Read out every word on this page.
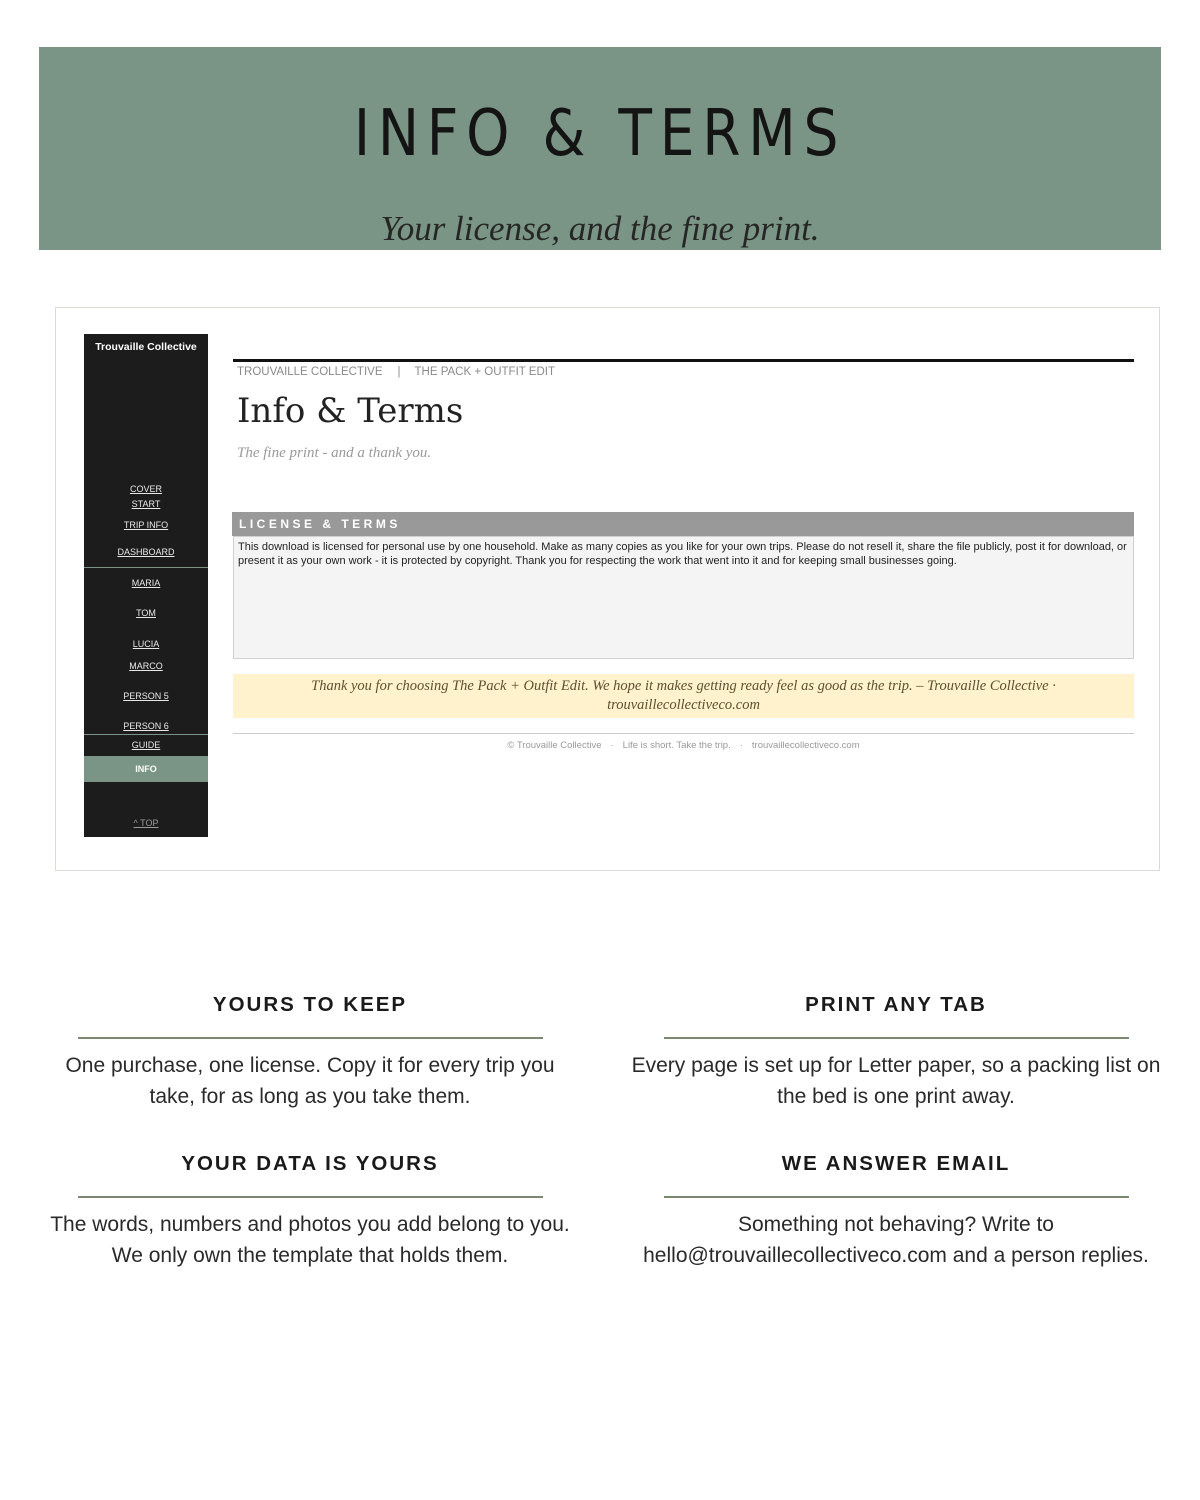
INFO & TERMS
Your license, and the fine print.
Trouvaille Collective
COVER
START
TRIP INFO
DASHBOARD
MARIA
TOM
LUCIA
MARCO
PERSON 5
PERSON 6
GUIDE
INFO
^ TOP
TROUVAILLE COLLECTIVE | THE PACK + OUTFIT EDIT
Info & Terms
The fine print - and a thank you.
LICENSE & TERMS
This download is licensed for personal use by one household. Make as many copies as you like for your own trips. Please do not resell it, share the file publicly, post it for download, or present it as your own work - it is protected by copyright. Thank you for respecting the work that went into it and for keeping small businesses going.
Thank you for choosing The Pack + Outfit Edit. We hope it makes getting ready feel as good as the trip. – Trouvaille Collective · trouvaillecollectiveco.com
© Trouvaille Collective · Life is short. Take the trip. · trouvaillecollectiveco.com
YOURS TO KEEP
One purchase, one license. Copy it for every trip you take, for as long as you take them.
PRINT ANY TAB
Every page is set up for Letter paper, so a packing list on the bed is one print away.
YOUR DATA IS YOURS
The words, numbers and photos you add belong to you. We only own the template that holds them.
WE ANSWER EMAIL
Something not behaving? Write to hello@trouvaillecollectiveco.com and a person replies.
